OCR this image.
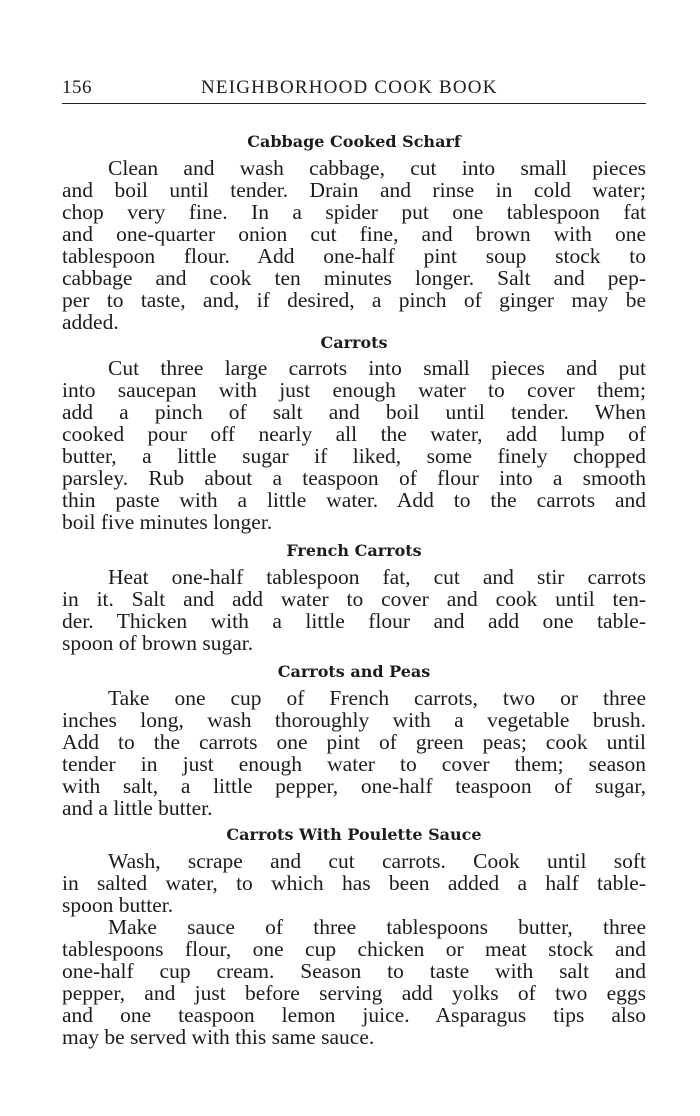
156	NEIGHBORHOOD COOK BOOK
Cabbage Cooked Scharf
Clean and wash cabbage, cut into small pieces
and boil until tender. Drain and rinse in cold water;
chop very fine. In a spider put one tablespoon fat
and one-quarter onion cut fine, and brown with one
tablespoon flour. Add one-half pint soup stock to
cabbage and cook ten minutes longer. Salt and pep-
per to taste, and, if desired, a pinch of ginger may be
added.
Carrots
Cut three large carrots into small pieces and put
into saucepan with just enough water to cover them;
add a pinch of salt and boil until tender. When
cooked pour off nearly all the water, add lump of
butter, a little sugar if liked, some finely chopped
parsley. Rub about a teaspoon of flour into a smooth
thin paste with a little water. Add to the carrots and
boil five minutes longer.
French Carrots
Heat one-half tablespoon fat, cut and stir carrots
in it. Salt and add water to cover and cook until ten-
der. Thicken with a little flour and add one table-
spoon of brown sugar.
Carrots and Peas
Take one cup of French carrots, two or three
inches long, wash thoroughly with a vegetable brush.
Add to the carrots one pint of green peas; cook until
tender in just enough water to cover them; season
with salt, a little pepper, one-half teaspoon of sugar,
and a little butter.
Carrots With Poulette Sauce
Wash, scrape and cut carrots. Cook until soft
in salted water, to which has been added a half table-
spoon butter.
Make sauce of three tablespoons butter, three
tablespoons flour, one cup chicken or meat stock and
one-half cup cream. Season to taste with salt and
pepper, and just before serving add yolks of two eggs
and one teaspoon lemon juice. Asparagus tips also
may be served with this same sauce.
